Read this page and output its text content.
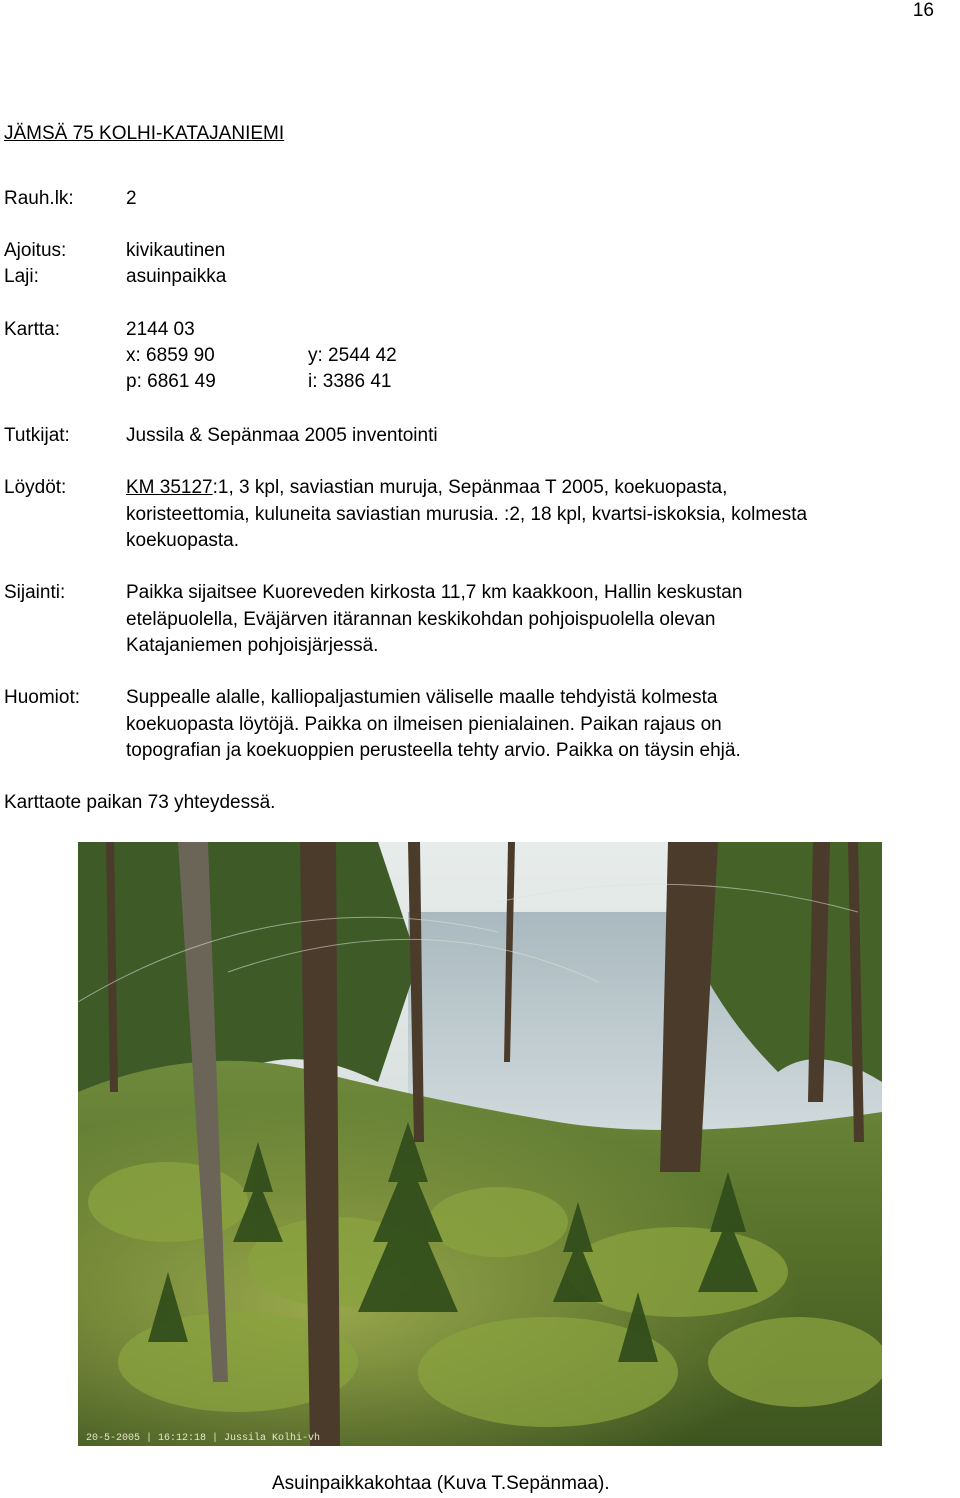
16
JÄMSÄ 75 KOLHI-KATAJANIEMI
Rauh.lk:	2
Ajoitus:	kivikautinen
Laji:	asuinpaikka
Kartta:	2144 03
x: 6859 90	y: 2544 42
p: 6861 49	i: 3386 41
Tutkijat:	Jussila & Sepänmaa 2005 inventointi
Löydöt:	KM 35127:1, 3 kpl, saviastian muruja, Sepänmaa T 2005, koekuopasta,
koristeettomia, kuluneita saviastian murusia. :2, 18 kpl, kvartsi-iskoksia, kolmesta
koekuopasta.
Sijainti:	Paikka sijaitsee Kuoreveden kirkosta 11,7 km kaakkoon, Hallin keskustan
eteläpuolella, Eväjärven itärannan keskikohdan pohjoispuolella olevan
Katajaniemen pohjoisjärjessä.
Huomiot: Suppealle alalle, kalliopaljastumien väliselle maalle tehdyistä kolmesta
koekuopasta löytöjä. Paikka on ilmeisen pienialainen. Paikan rajaus on
topografian ja koekuoppien perusteella tehty arvio. Paikka on täysin ehjä.
Karttaote paikan 73 yhteydessä.
20-5-2005 | 16:12:18 | Jussila Kolhi-vh
Asuinpaikkakohtaa (Kuva T.Sepänmaa).
